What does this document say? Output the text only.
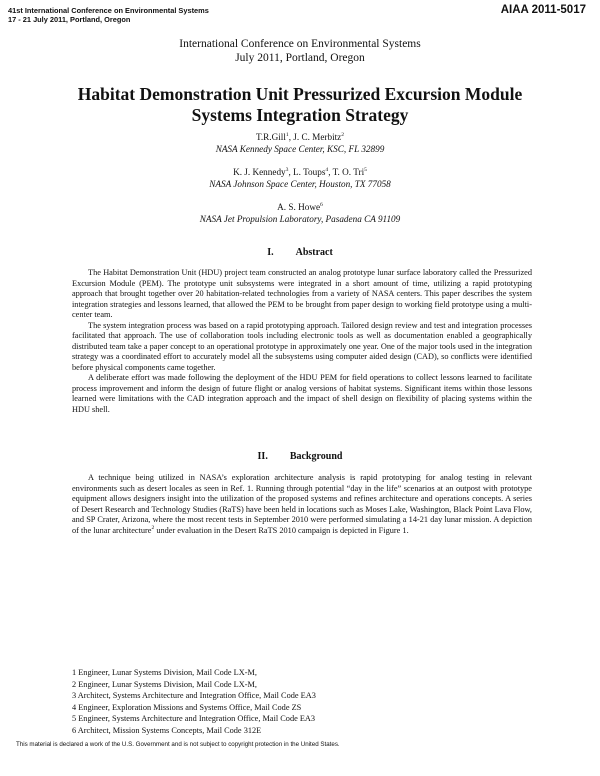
41st International Conference on Environmental Systems
17 - 21 July 2011, Portland, Oregon
AIAA 2011-5017
International Conference on Environmental Systems
July 2011, Portland, Oregon
Habitat Demonstration Unit Pressurized Excursion Module
Systems Integration Strategy
T.R.Gill$^1$, J. C. Merbitz$^2$
NASA Kennedy Space Center, KSC, FL 32899
K. J. Kennedy$^3$, L. Toups$^4$, T. O. Tri$^5$
NASA Johnson Space Center, Houston, TX 77058
A. S. Howe$^6$
NASA Jet Propulsion Laboratory, Pasadena CA 91109
I. Abstract

The Habitat Demonstration Unit (HDU) project team constructed an analog prototype lunar surface laboratory called the Pressurized Excursion Module (PEM). The prototype unit subsystems were integrated in a short amount of time, utilizing a rapid prototyping approach that brought together over 20 habitation-related technologies from a variety of NASA centers. This paper describes the system integration strategies and lessons learned, that allowed the PEM to be brought from paper design to working field prototype using a multi-center team.

The system integration process was based on a rapid prototyping approach. Tailored design review and test and integration processes facilitated that approach. The use of collaboration tools including electronic tools as well as documentation enabled a geographically distributed team take a paper concept to an operational prototype in approximately one year. One of the major tools used in the integration strategy was a coordinated effort to accurately model all the subsystems using computer aided design (CAD), so conflicts were identified before physical components came together.

A deliberate effort was made following the deployment of the HDU PEM for field operations to collect lessons learned to facilitate process improvement and inform the design of future flight or analog versions of habitat systems. Significant items within those lessons learned were limitations with the CAD integration approach and the impact of shell design on flexibility of placing systems within the HDU shell.

II. Background

A technique being utilized in NASA’s exploration architecture analysis is rapid prototyping for analog testing in relevant environments such as desert locales as seen in Ref. 1. Running through potential “day in the life” scenarios at an outpost with prototype equipment allows designers insight into the utilization of the proposed systems and refines architecture and operations concepts. A series of Desert Research and Technology Studies (RaTS) have been held in locations such as Moses Lake, Washington, Black Point Lava Flow, and SP Crater, Arizona, where the most recent tests in September 2010 were performed simulating a 14-21 day lunar mission. A depiction of the lunar architecture$^2$ under evaluation in the Desert RaTS 2010 campaign is depicted in Figure 1.

1 Engineer, Lunar Systems Division, Mail Code LX-M,
2 Engineer, Lunar Systems Division, Mail Code LX-M,
3 Architect, Systems Architecture and Integration Office, Mail Code EA3
4 Engineer, Exploration Missions and Systems Office, Mail Code ZS
5 Engineer, Systems Architecture and Integration Office, Mail Code EA3
6 Architect, Mission Systems Concepts, Mail Code 312E
This material is declared a work of the U.S. Government and is not subject to copyright protection in the United States.
